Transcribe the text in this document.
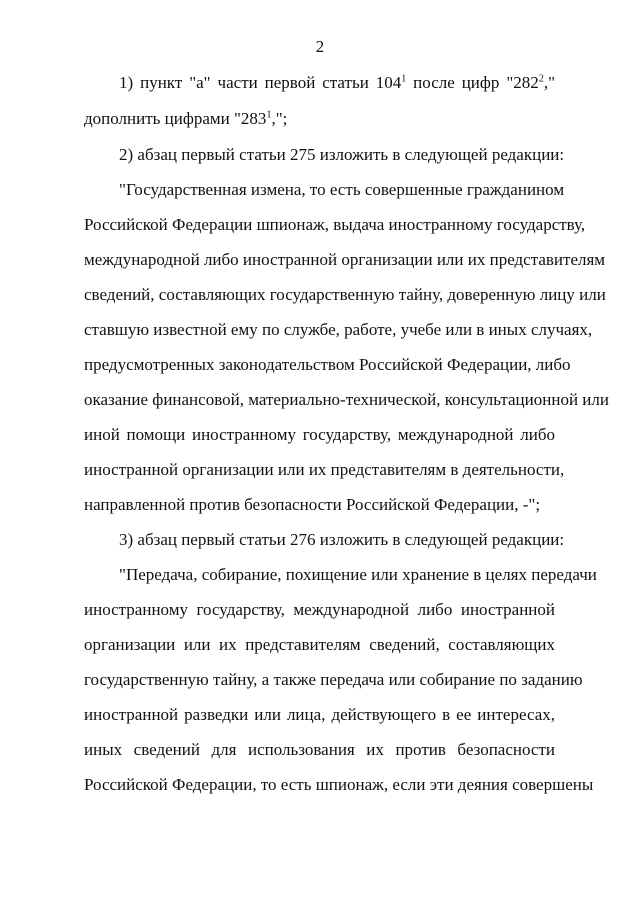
2
1) пункт "а" части первой статьи $104^1$ после цифр "$282^2$,"
дополнить цифрами "$283^1$,";
2) абзац первый статьи 275 изложить в следующей редакции:
"Государственная измена, то есть совершенные гражданином
Российской Федерации шпионаж, выдача иностранному государству,
международной либо иностранной организации или их представителям
сведений, составляющих государственную тайну, доверенную лицу или
ставшую известной ему по службе, работе, учебе или в иных случаях,
предусмотренных законодательством Российской Федерации, либо
оказание финансовой, материально-технической, консультационной или
иной помощи иностранному государству, международной либо
иностранной организации или их представителям в деятельности,
направленной против безопасности Российской Федерации, -";
3) абзац первый статьи 276 изложить в следующей редакции:
"Передача, собирание, похищение или хранение в целях передачи
иностранному государству, международной либо иностранной
организации или их представителям сведений, составляющих
государственную тайну, а также передача или собирание по заданию
иностранной разведки или лица, действующего в ее интересах,
иных сведений для использования их против безопасности
Российской Федерации, то есть шпионаж, если эти деяния совершены
